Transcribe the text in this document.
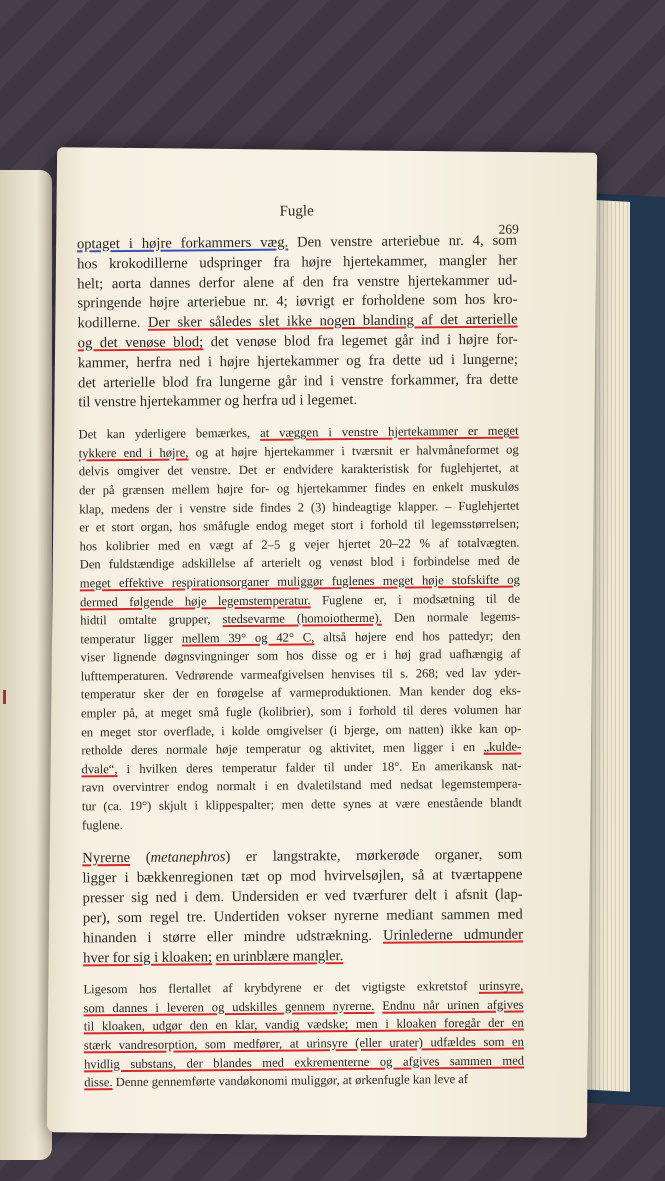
Fugle
269

optaget i højre forkammers væg. Den venstre arteriebue nr. 4, som

hos krokodillerne udspringer fra højre hjertekammer, mangler her

helt; aorta dannes derfor alene af den fra venstre hjertekammer ud-

springende højre arteriebue nr. 4; iøvrigt er forholdene som hos kro-

kodillerne. Der sker således slet ikke nogen blanding af det arterielle

og det venøse blod; det venøse blod fra legemet går ind i højre for-

kammer, herfra ned i højre hjertekammer og fra dette ud i lungerne;

det arterielle blod fra lungerne går ind i venstre forkammer, fra dette

til venstre hjertekammer og herfra ud i legemet.

Det kan yderligere bemærkes, at væggen i venstre hjertekammer er meget

tykkere end i højre, og at højre hjertekammer i tværsnit er halvmåneformet og

delvis omgiver det venstre. Det er endvidere karakteristisk for fuglehjertet, at

der på grænsen mellem højre for- og hjertekammer findes en enkelt muskuløs

klap, medens der i venstre side findes 2 (3) hindeagtige klapper. – Fuglehjertet

er et stort organ, hos småfugle endog meget stort i forhold til legemsstørrelsen;

hos kolibrier med en vægt af 2–5 g vejer hjertet 20–22 % af totalvægten.

Den fuldstændige adskillelse af arterielt og venøst blod i forbindelse med de

meget effektive respirationsorganer muliggør fuglenes meget høje stofskifte og

dermed følgende høje legemstemperatur. Fuglene er, i modsætning til de

hidtil omtalte grupper, stedsevarme (homoiotherme). Den normale legems-

temperatur ligger mellem 39° og 42° C, altså højere end hos pattedyr; den

viser lignende døgnsvingninger som hos disse og er i høj grad uafhængig af

lufttemperaturen. Vedrørende varmeafgivelsen henvises til s. 268; ved lav yder-

temperatur sker der en forøgelse af varmeproduktionen. Man kender dog eks-

empler på, at meget små fugle (kolibrier), som i forhold til deres volumen har

en meget stor overflade, i kolde omgivelser (i bjerge, om natten) ikke kan op-

retholde deres normale høje temperatur og aktivitet, men ligger i en „kulde-

dvale“, i hvilken deres temperatur falder til under 18°. En amerikansk nat-

ravn overvintrer endog normalt i en dvaletilstand med nedsat legemstempera-

tur (ca. 19°) skjult i klippespalter; men dette synes at være enestående blandt

fuglene.

Nyrerne (metanephros) er langstrakte, mørkerøde organer, som

ligger i bækkenregionen tæt op mod hvirvelsøjlen, så at tværtappene

presser sig ned i dem. Undersiden er ved tværfurer delt i afsnit (lap-

per), som regel tre. Undertiden vokser nyrerne mediant sammen med

hinanden i større eller mindre udstrækning. Urinlederne udmunder

hver for sig i kloaken; en urinblære mangler.

Ligesom hos flertallet af krybdyrene er det vigtigste exkretstof urinsyre,

som dannes i leveren og udskilles gennem nyrerne. Endnu når urinen afgives

til kloaken, udgør den en klar, vandig vædske; men i kloaken foregår der en

stærk vandresorption, som medfører, at urinsyre (eller urater) udfældes som en

hvidlig substans, der blandes med exkrementerne og afgives sammen med

disse. Denne gennemførte vandøkonomi muliggør, at ørkenfugle kan leve af
